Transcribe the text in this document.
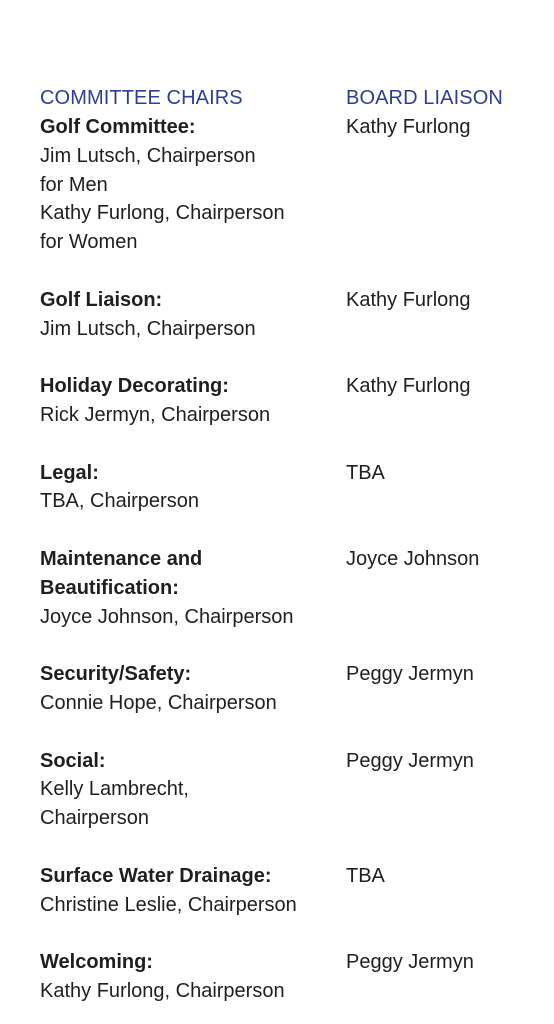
COMMITTEE CHAIRS	BOARD LIAISON
Golf Committee:
Jim Lutsch, Chairperson
for Men
Kathy Furlong, Chairperson
for Women
Kathy Furlong
Golf Liaison:
Jim Lutsch, Chairperson
Kathy Furlong
Holiday Decorating:
Rick Jermyn, Chairperson
Kathy Furlong
Legal:
TBA, Chairperson
TBA
Maintenance and
Beautification:
Joyce Johnson, Chairperson
Joyce Johnson
Security/Safety:
Connie Hope, Chairperson
Peggy Jermyn
Social:
Kelly Lambrecht,
Chairperson
Peggy Jermyn
Surface Water Drainage:
Christine Leslie, Chairperson
TBA
Welcoming:
Kathy Furlong, Chairperson
Peggy Jermyn
